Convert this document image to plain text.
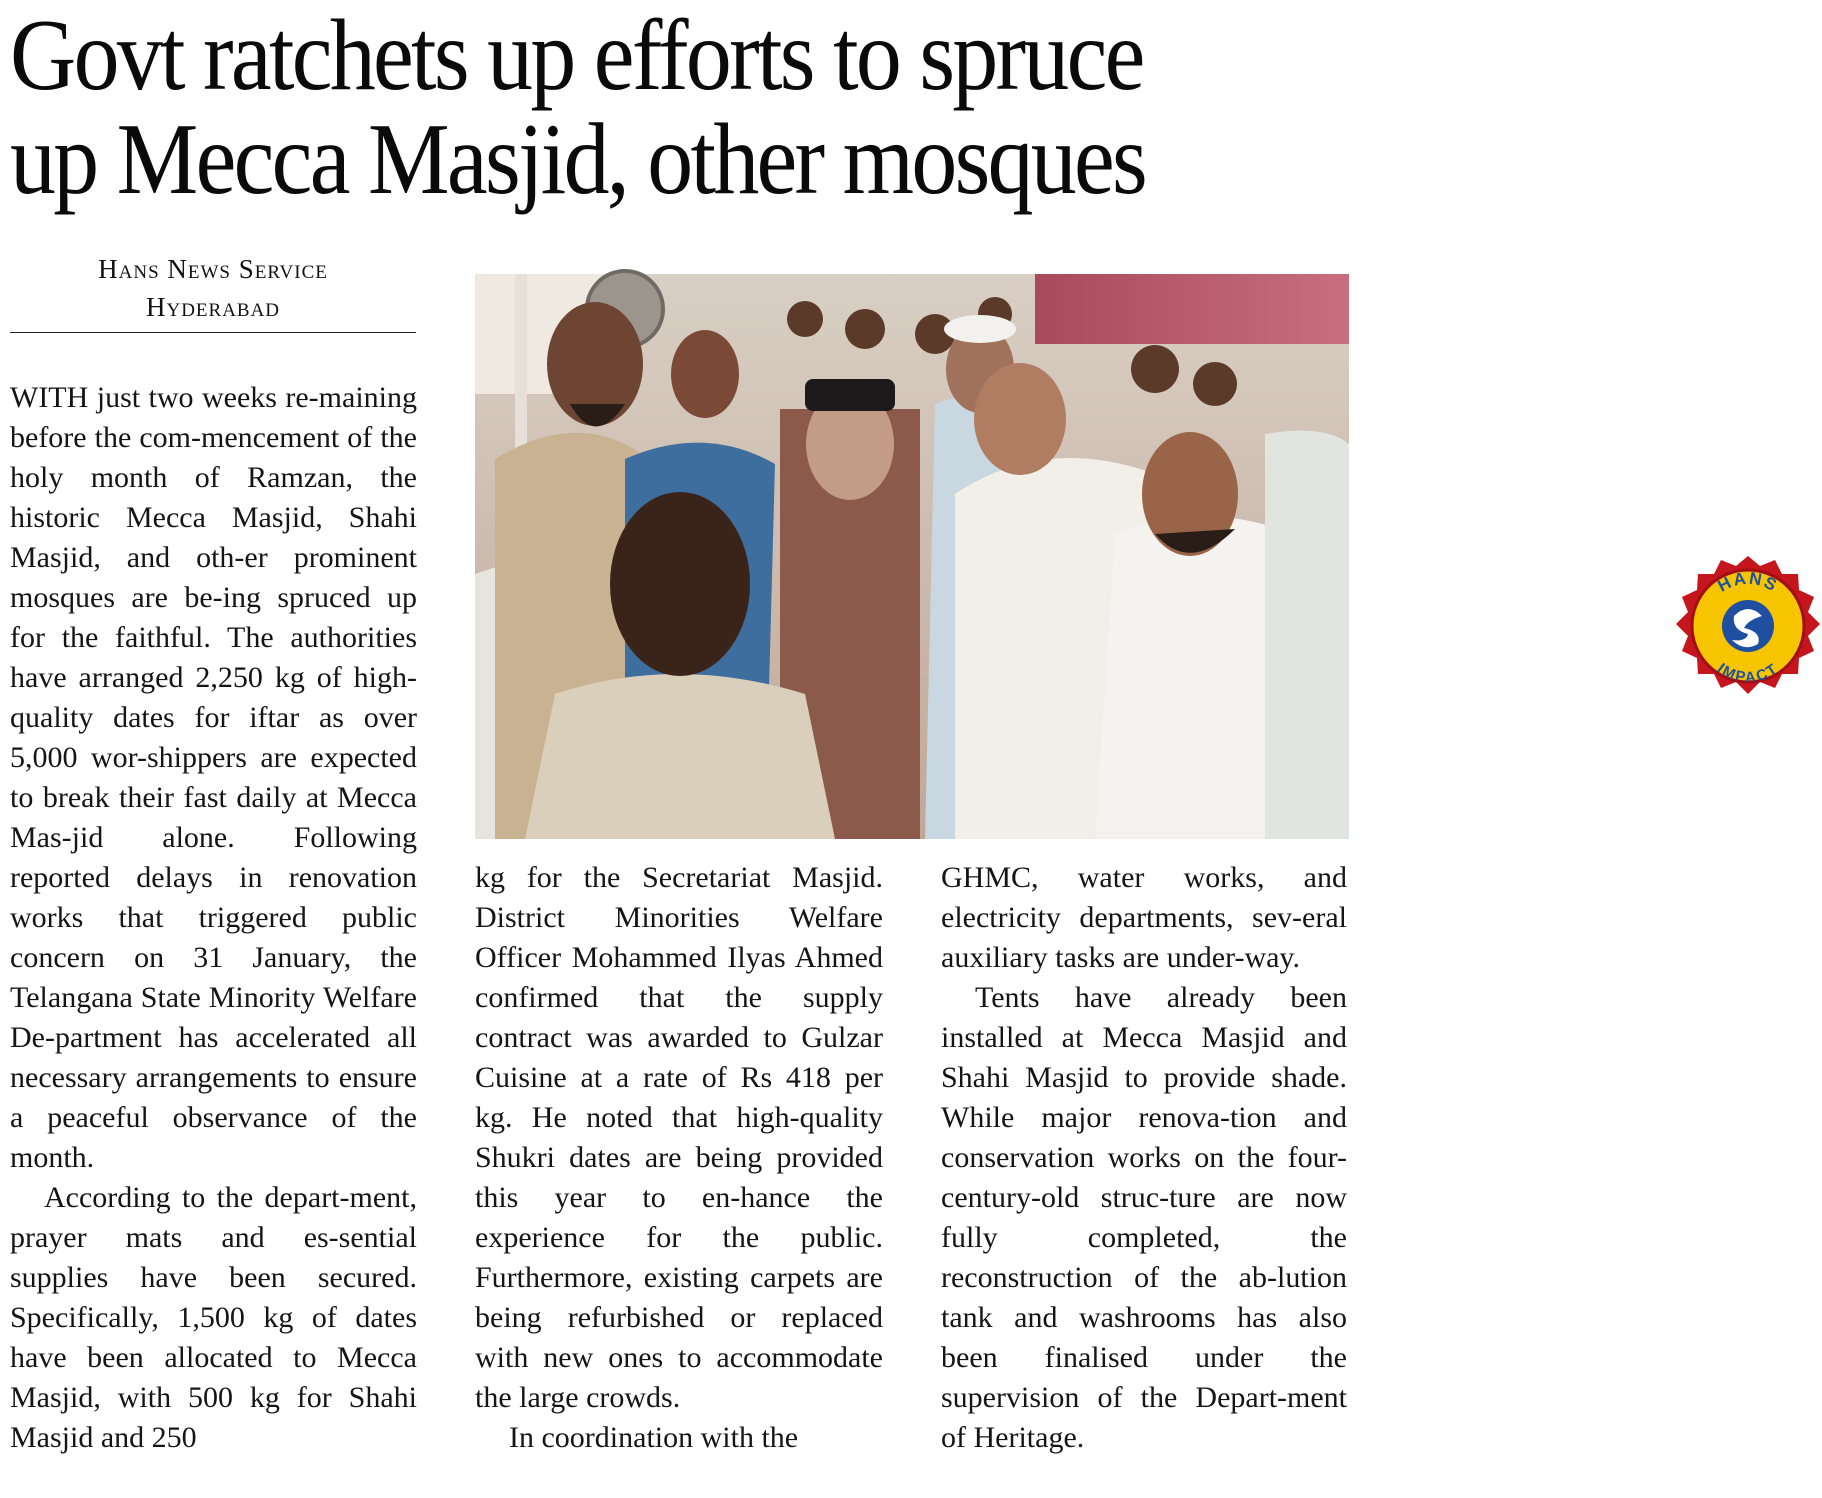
Govt ratchets up efforts to spruce
up Mecca Masjid, other mosques
Hans News Service
Hyderabad

WITH just two weeks re-maining before the com-mencement of the holy month of Ramzan, the historic Mecca Masjid, Shahi Masjid, and oth-er prominent mosques are be-ing spruced up for the faithful. The authorities have arranged 2,250 kg of high-quality dates for iftar as over 5,000 wor-shippers are expected to break their fast daily at Mecca Mas-jid alone. Following reported delays in renovation works that triggered public concern on 31 January, the Telangana State Minority Welfare De-partment has accelerated all necessary arrangements to ensure a peaceful observance of the month.

According to the depart-ment, prayer mats and es-sential supplies have been secured. Specifically, 1,500 kg of dates have been allocated to Mecca Masjid, with 500 kg for Shahi Masjid and 250

HANS
IMPACT

kg for the Secretariat Masjid. District Minorities Welfare Officer Mohammed Ilyas Ahmed confirmed that the supply contract was awarded to Gulzar Cuisine at a rate of Rs 418 per kg. He noted that high-quality Shukri dates are being provided this year to en-hance the experience for the public. Furthermore, existing carpets are being refurbished or replaced with new ones to accommodate the large crowds.

In coordination with the

GHMC, water works, and electricity departments, sev-eral auxiliary tasks are under-way.

Tents have already been installed at Mecca Masjid and Shahi Masjid to provide shade. While major renova-tion and conservation works on the four-century-old struc-ture are now fully completed, the reconstruction of the ab-lution tank and washrooms has also been finalised under the supervision of the Depart-ment of Heritage.
